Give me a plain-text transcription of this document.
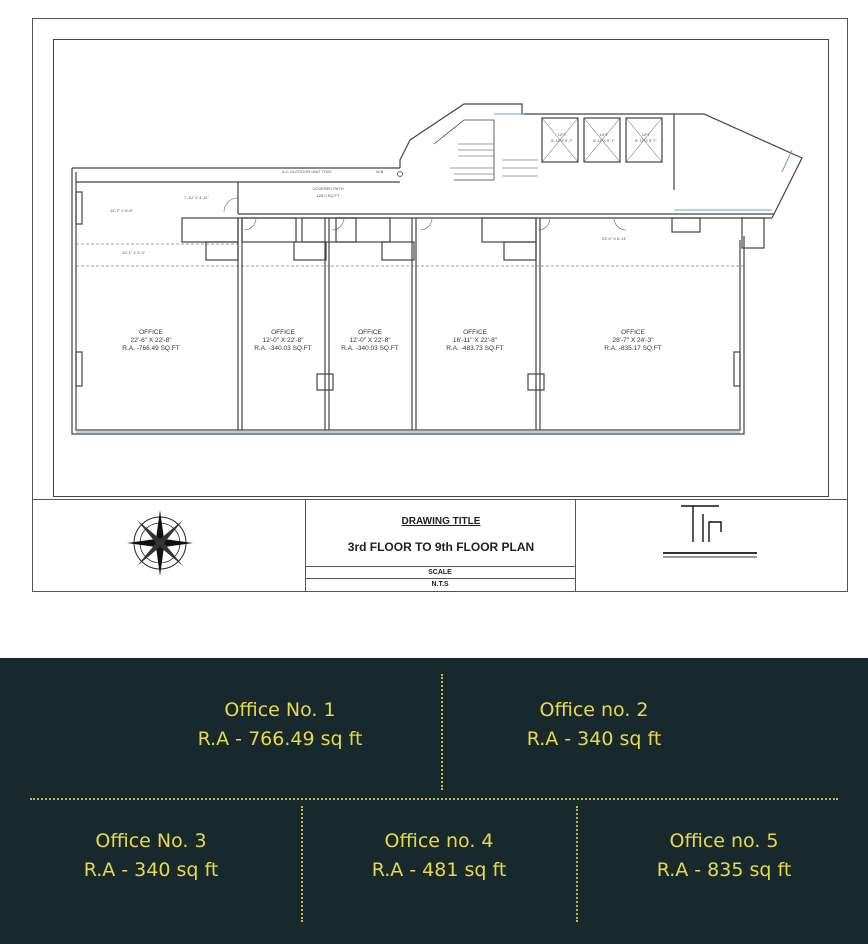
A.C.OUTDOOR UNIT TRAY	W.B
COVERED PATH
128.0 SQ.FT
14'-7" X 8'-8"
7'-10" X 4'-11"
10'-1" X 3'-3"
23'-0" X 8'-11"
LIFT
5'-11"X 5'-7"
LIFT
5'-11"X 5'-7"
LIFT
5'-11"X 5'-7"
OFFICE
22'-6" X 22'-8"
R.A. -766.49 SQ.FT
OFFICE
12'-0" X 22'-8"
R.A. -340.03 SQ.FT
OFFICE
12'-0" X 22'-8"
R.A. -340.03 SQ.FT
OFFICE
16'-11" X 22'-8"
R.A. -483.73 SQ.FT
OFFICE
28'-7" X 24'-3"
R.A. -835.17 SQ.FT
DRAWING TITLE
3rd FLOOR TO 9th FLOOR PLAN
SCALE
N.T.S
Office No. 1
R.A - 766.49 sq ft
Office no. 2
R.A - 340 sq ft
Office No. 3
R.A - 340 sq ft
Office no. 4
R.A - 481 sq ft
Office no. 5
R.A - 835 sq ft
